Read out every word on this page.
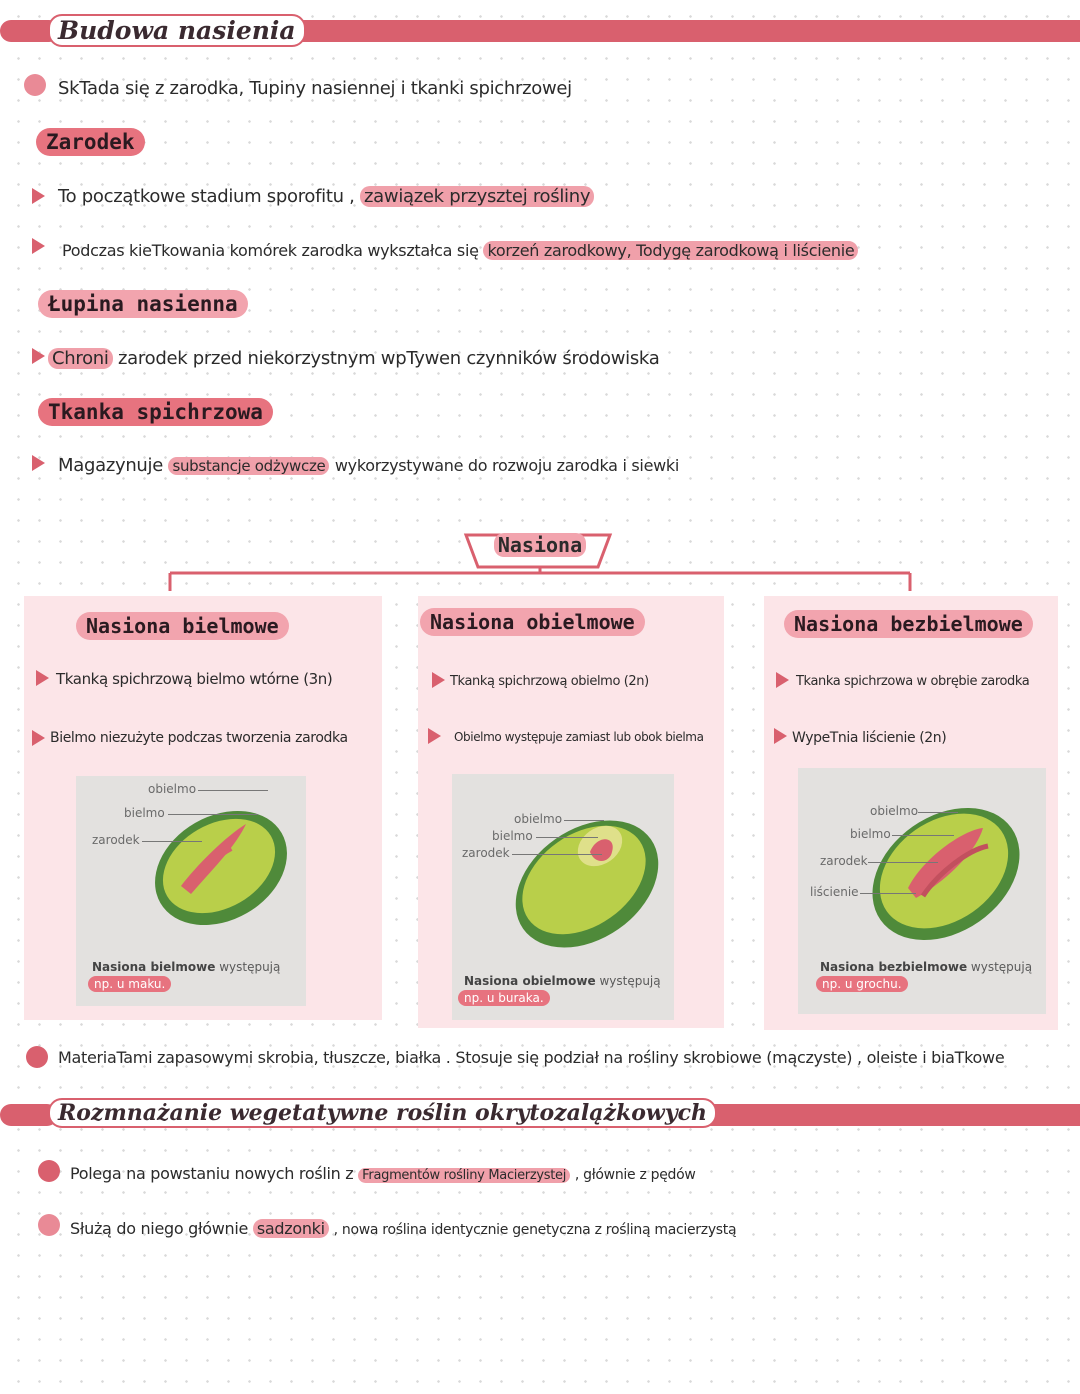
Budowa nasienia
SkTada się z zarodka, Tupiny nasiennej i tkanki spichrzowej
Zarodek
To początkowe stadium sporofitu , zawiązek przysztej rośliny
Podczas kieTkowania komórek zarodka wykształca się korzeń zarodkowy, Todygę zarodkową i liścienie
Łupina nasienna
Chroni zarodek przed niekorzystnym wpTywen czynników środowiska
Tkanka spichrzowa
Magazynuje substancje odżywcze wykorzystywane do rozwoju zarodka i siewki
Nasiona
Nasiona bielmowe
Tkanką spichrzową bielmo wtórne (3n)
Bielmo niezużyte podczas tworzenia zarodka
obielmo
bielmo
zarodek
Nasiona bielmowe występują
np. u maku.
Nasiona obielmowe
Tkanką spichrzową obielmo (2n)
Obielmo występuje zamiast lub obok bielma
obielmo
bielmo
zarodek
Nasiona obielmowe występują
np. u buraka.
Nasiona bezbielmowe
Tkanka spichrzowa w obrębie zarodka
WypeTnia liścienie (2n)
obielmo
bielmo
zarodek
liścienie
Nasiona bezbielmowe występują
np. u grochu.
MateriaTami zapasowymi skrobia, tłuszcze, białka . Stosuje się podział na rośliny skrobiowe (mączyste) , oleiste i biaTkowe
Rozmnażanie wegetatywne roślin okrytozalążkowych
Polega na powstaniu nowych roślin z Fragmentów rośliny Macierzystej , głównie z pędów
Służą do niego głównie sadzonki , nowa roślina identycznie genetyczna z rośliną macierzystą
